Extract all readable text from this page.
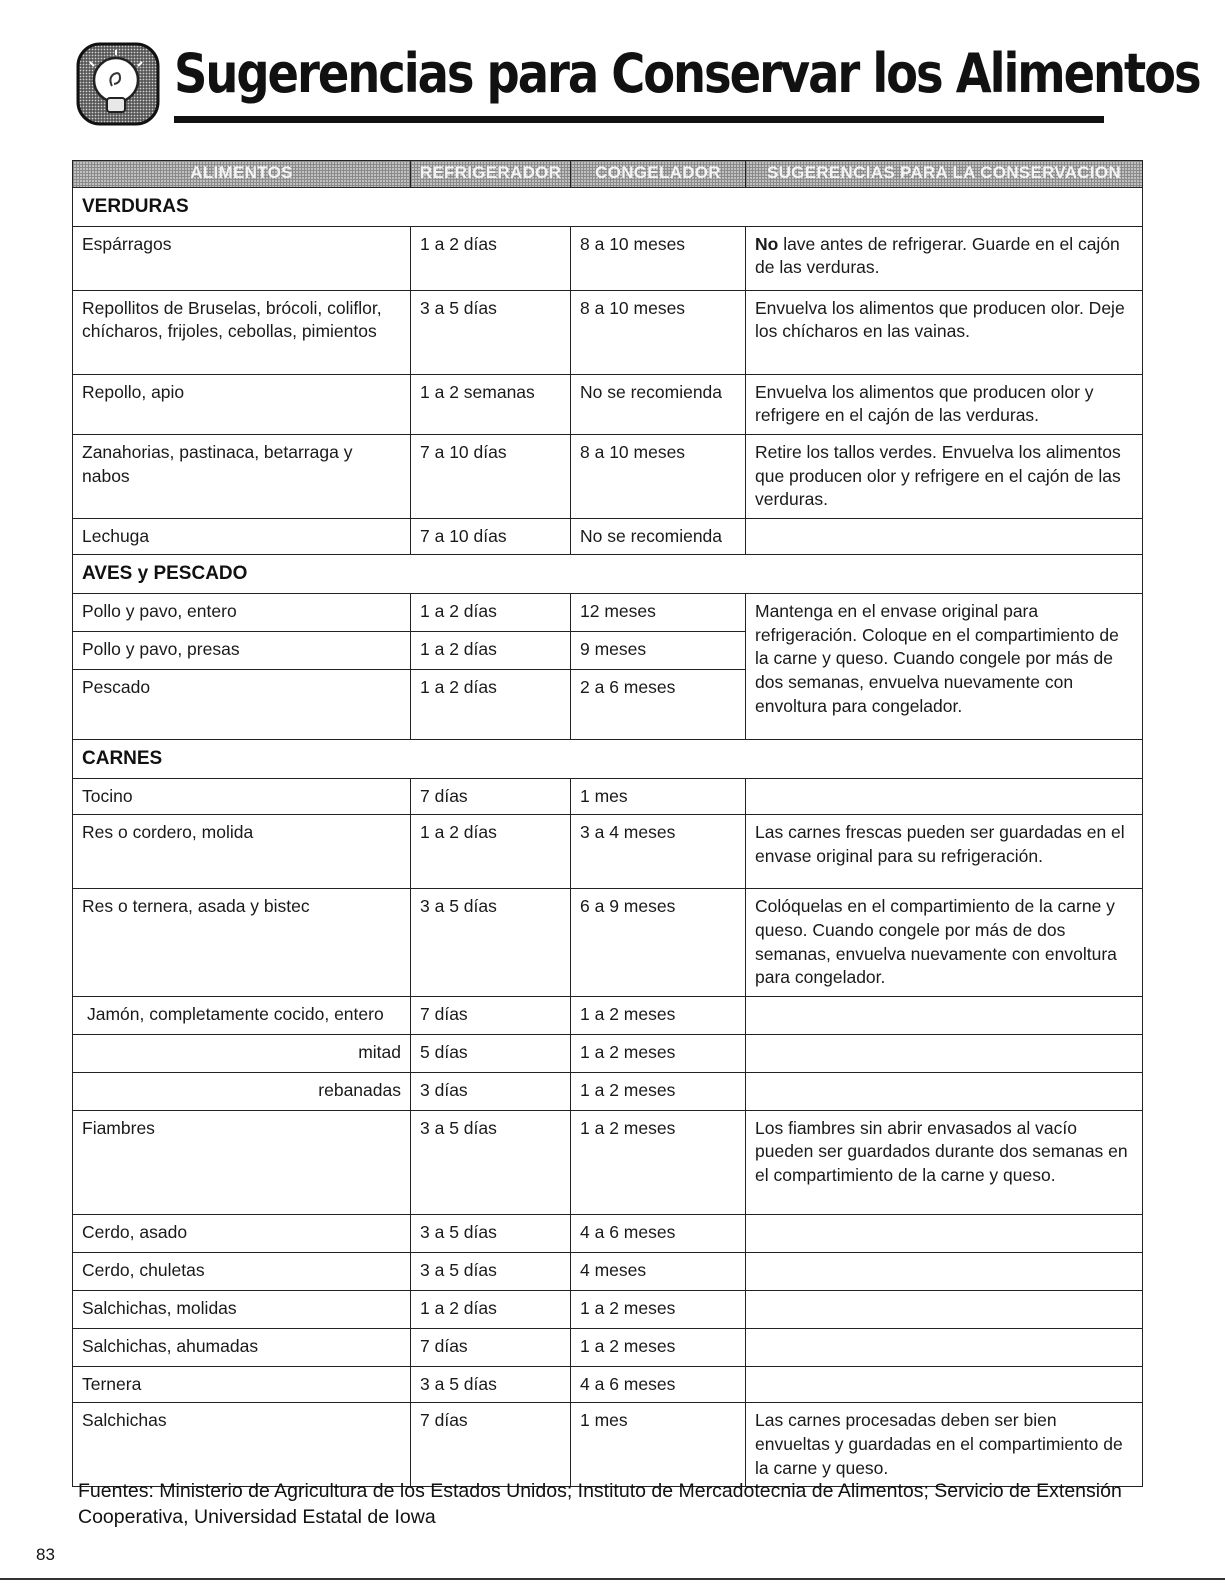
Sugerencias para Conservar los Alimentos
ALIMENTOS	REFRIGERADOR	CONGELADOR	SUGERENCIAS PARA LA CONSERVACION
VERDURAS			
Espárragos	1 a 2 días	8 a 10 meses	No lave antes de refrigerar. Guarde en el cajón de las verduras.
Repollitos de Bruselas, brócoli, coliflor, chícharos, frijoles, cebollas, pimientos	3 a 5 días	8 a 10 meses	Envuelva los alimentos que producen olor. Deje los chícharos en las vainas.
Repollo, apio	1 a 2 semanas	No se recomienda	Envuelva los alimentos que producen olor y refrigere en el cajón de las verduras.
Zanahorias, pastinaca, betarraga y nabos	7 a 10 días	8 a 10 meses	Retire los tallos verdes. Envuelva los alimentos que producen olor y refrigere en el cajón de las verduras.
Lechuga	7 a 10 días	No se recomienda	
AVES y PESCADO			
Pollo y pavo, entero	1 a 2 días	12 meses	Mantenga en el envase original para refrigeración. Coloque en el compartimiento de la carne y queso. Cuando congele por más de dos semanas, envuelva nuevamente con envoltura para congelador.
Pollo y pavo, presas	1 a 2 días	9 meses	
Pescado	1 a 2 días	2 a 6 meses	
CARNES			
Tocino	7 días	1 mes	
Res o cordero, molida	1 a 2 días	3 a 4 meses	Las carnes frescas pueden ser guardadas en el envase original para su refrigeración.
Res o ternera, asada y bistec	3 a 5 días	6 a 9 meses	Colóquelas en el compartimiento de la carne y queso. Cuando congele por más de dos semanas, envuelva nuevamente con envoltura para congelador.
Jamón, completamente cocido, entero	7 días	1 a 2 meses	
mitad	5 días	1 a 2 meses	
rebanadas	3 días	1 a 2 meses	
Fiambres	3 a 5 días	1 a 2 meses	Los fiambres sin abrir envasados al vacío pueden ser guardados durante dos semanas en el compartimiento de la carne y queso.
Cerdo, asado	3 a 5 días	4 a 6 meses	
Cerdo, chuletas	3 a 5 días	4 meses	
Salchichas, molidas	1 a 2 días	1 a 2 meses	
Salchichas, ahumadas	7 días	1 a 2 meses	
Ternera	3 a 5 días	4 a 6 meses	
Salchichas	7 días	1 mes	Las carnes procesadas deben ser bien envueltas y guardadas en el compartimiento de la carne y queso.
Fuentes: Ministerio de Agricultura de los Estados Unidos; Instituto de Mercadotecnia de Alimentos; Servicio de Extensión Cooperativa, Universidad Estatal de Iowa
83
